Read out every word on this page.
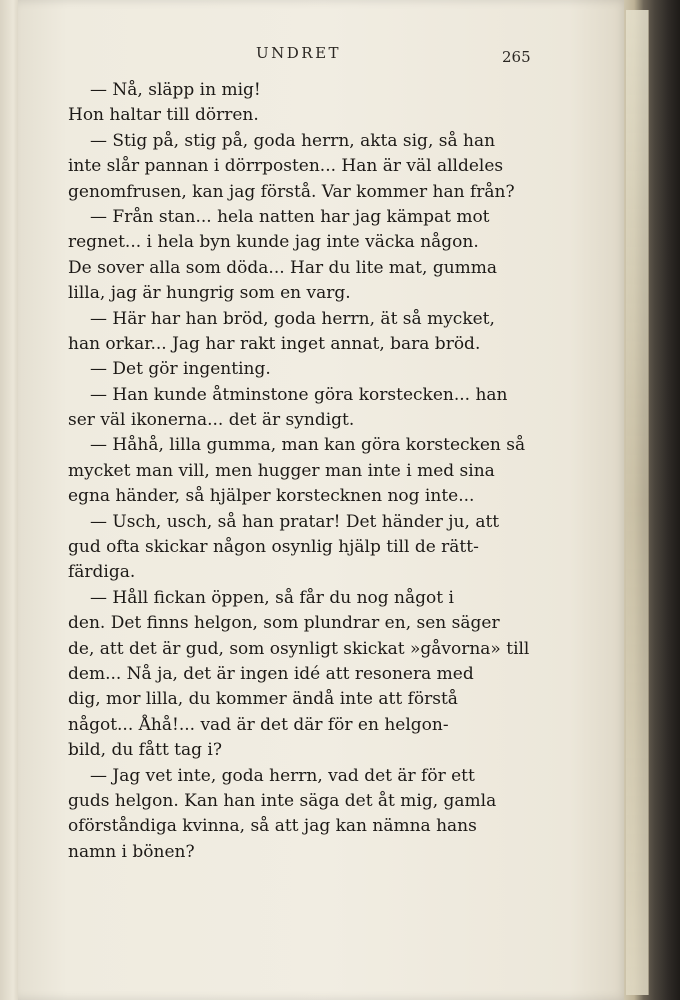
UNDRET	265
— Nå, släpp in mig!
Hon haltar till dörren.
— Stig på, stig på, goda herrn, akta sig, så han
inte slår pannan i dörrposten... Han är väl alldeles
genomfrusen, kan jag förstå. Var kommer han från?
— Från stan... hela natten har jag kämpat mot
regnet... i hela byn kunde jag inte väcka någon.
De sover alla som döda... Har du lite mat, gumma
lilla, jag är hungrig som en varg.
— Här har han bröd, goda herrn, ät så mycket,
han orkar... Jag har rakt inget annat, bara bröd.
— Det gör ingenting.
— Han kunde åtminstone göra korstecken... han
ser väl ikonerna... det är syndigt.
— Håhå, lilla gumma, man kan göra korstecken så
mycket man vill, men hugger man inte i med sina
egna händer, så hjälper korstecknen nog inte...
— Usch, usch, så han pratar! Det händer ju, att
gud ofta skickar någon osynlig hjälp till de rätt-
färdiga.
— Håll fickan öppen, så får du nog något i
den. Det finns helgon, som plundrar en, sen säger
de, att det är gud, som osynligt skickat »gåvorna» till
dem... Nå ja, det är ingen idé att resonera med
dig, mor lilla, du kommer ändå inte att förstå
något... Åhå!... vad är det där för en helgon-
bild, du fått tag i?
— Jag vet inte, goda herrn, vad det är för ett
guds helgon. Kan han inte säga det åt mig, gamla
oförståndiga kvinna, så att jag kan nämna hans
namn i bönen?
